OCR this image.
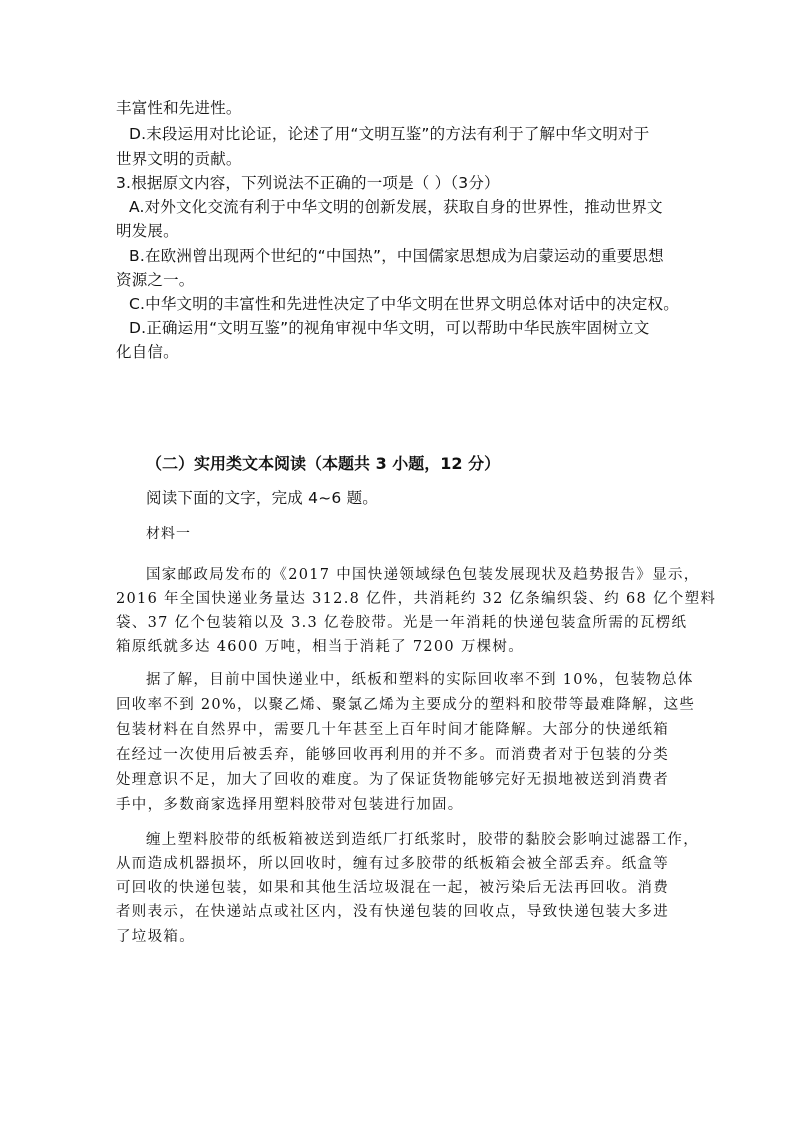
丰富性和先进性。
D.末段运用对比论证，论述了用“文明互鉴”的方法有利于了解中华文明对于
世界文明的贡献。
3.根据原文内容，下列说法不正确的一项是（ ）（3分）
A.对外文化交流有利于中华文明的创新发展，获取自身的世界性，推动世界文
明发展。
B.在欧洲曾出现两个世纪的“中国热”，中国儒家思想成为启蒙运动的重要思想
资源之一。
C.中华文明的丰富性和先进性决定了中华文明在世界文明总体对话中的决定权。
D.正确运用“文明互鉴”的视角审视中华文明，可以帮助中华民族牢固树立文
化自信。
（二）实用类文本阅读（本题共 3 小题，12 分）
阅读下面的文字，完成 4~6 题。
材料一
国家邮政局发布的《2017 中国快递领域绿色包装发展现状及趋势报告》显示，
2016 年全国快递业务量达 312.8 亿件，共消耗约 32 亿条编织袋、约 68 亿个塑料
袋、37 亿个包装箱以及 3.3 亿卷胶带。光是一年消耗的快递包装盒所需的瓦楞纸
箱原纸就多达 4600 万吨，相当于消耗了 7200 万棵树。
据了解，目前中国快递业中，纸板和塑料的实际回收率不到 10%，包装物总体
回收率不到 20%，以聚乙烯、聚氯乙烯为主要成分的塑料和胶带等最难降解，这些
包装材料在自然界中，需要几十年甚至上百年时间才能降解。大部分的快递纸箱
在经过一次使用后被丢弃，能够回收再利用的并不多。而消费者对于包装的分类
处理意识不足，加大了回收的难度。为了保证货物能够完好无损地被送到消费者
手中，多数商家选择用塑料胶带对包装进行加固。
缠上塑料胶带的纸板箱被送到造纸厂打纸浆时，胶带的黏胶会影响过滤器工作，
从而造成机器损坏，所以回收时，缠有过多胶带的纸板箱会被全部丢弃。纸盒等
可回收的快递包装，如果和其他生活垃圾混在一起，被污染后无法再回收。消费
者则表示，在快递站点或社区内，没有快递包装的回收点，导致快递包装大多进
了垃圾箱。
